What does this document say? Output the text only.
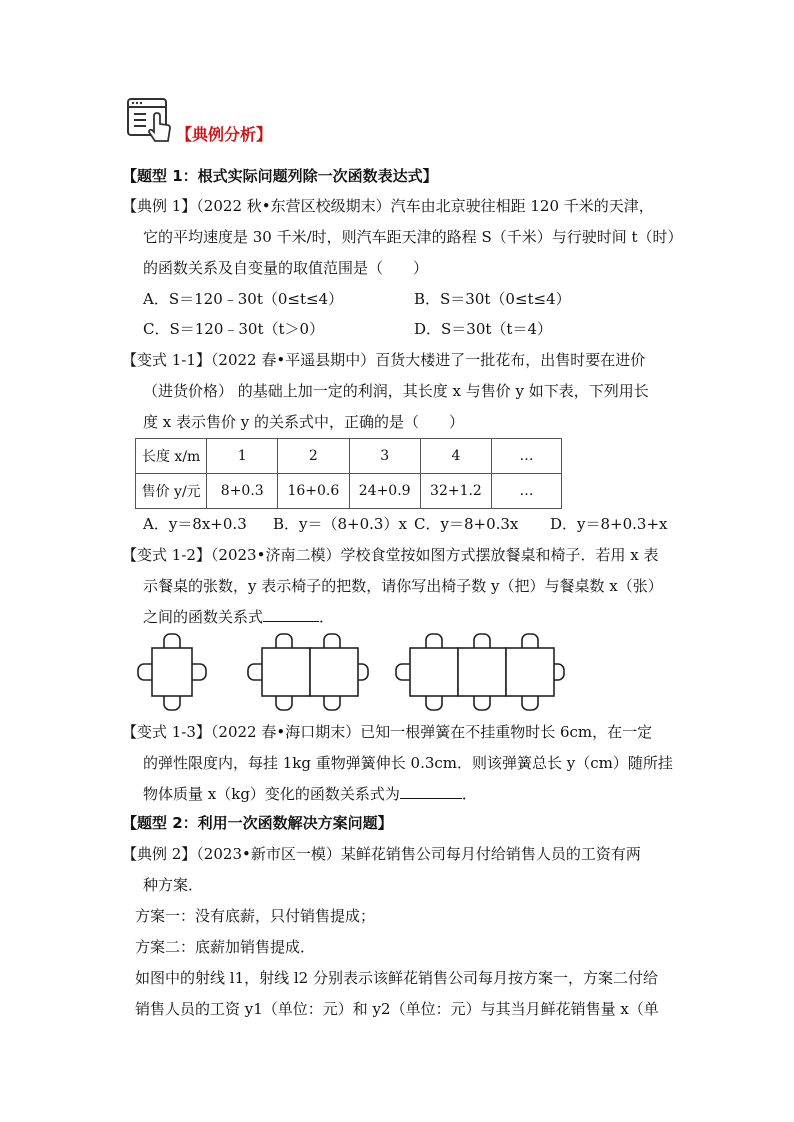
【典例分析】
【题型 1：根式实际问题列除一次函数表达式】
【典例 1】（2022 秋•东营区校级期末）汽车由北京驶往相距 120 千米的天津，
它的平均速度是 30 千米/时，则汽车距天津的路程 S（千米）与行驶时间 t（时）
的函数关系及自变量的取值范围是（　　）
A．S＝120﹣30t（0≤t≤4）	B．S＝30t（0≤t≤4）
C．S＝120﹣30t（t＞0）	D．S＝30t（t＝4）
【变式 1-1】（2022 春•平遥县期中）百货大楼进了一批花布，出售时要在进价
（进货价格） 的基础上加一定的利润，其长度 x 与售价 y 如下表，下列用长
度 x 表示售价 y 的关系式中，正确的是（　　）
长度 x/m	1	2	3	4	…
售价 y/元	8+0.3	16+0.6	24+0.9	32+1.2	…
A．y＝8x+0.3 B．y＝（8+0.3）x C．y＝8+0.3x D．y＝8+0.3+x
【变式 1-2】（2023•济南二模）学校食堂按如图方式摆放餐桌和椅子．若用 x 表
示餐桌的张数，y 表示椅子的把数，请你写出椅子数 y（把）与餐桌数 x（张）
之间的函数关系式	．
【变式 1-3】（2022 春•海口期末）已知一根弹簧在不挂重物时长 6cm，在一定
的弹性限度内，每挂 1kg 重物弹簧伸长 0.3cm．则该弹簧总长 y（cm）随所挂
物体质量 x（kg）变化的函数关系式为	．
【题型 2：利用一次函数解决方案问题】
【典例 2】（2023•新市区一模）某鲜花销售公司每月付给销售人员的工资有两
种方案．
方案一：没有底薪，只付销售提成；
方案二：底薪加销售提成．
如图中的射线 l1，射线 l2 分别表示该鲜花销售公司每月按方案一，方案二付给
销售人员的工资 y1（单位：元）和 y2（单位：元）与其当月鲜花销售量 x（单
